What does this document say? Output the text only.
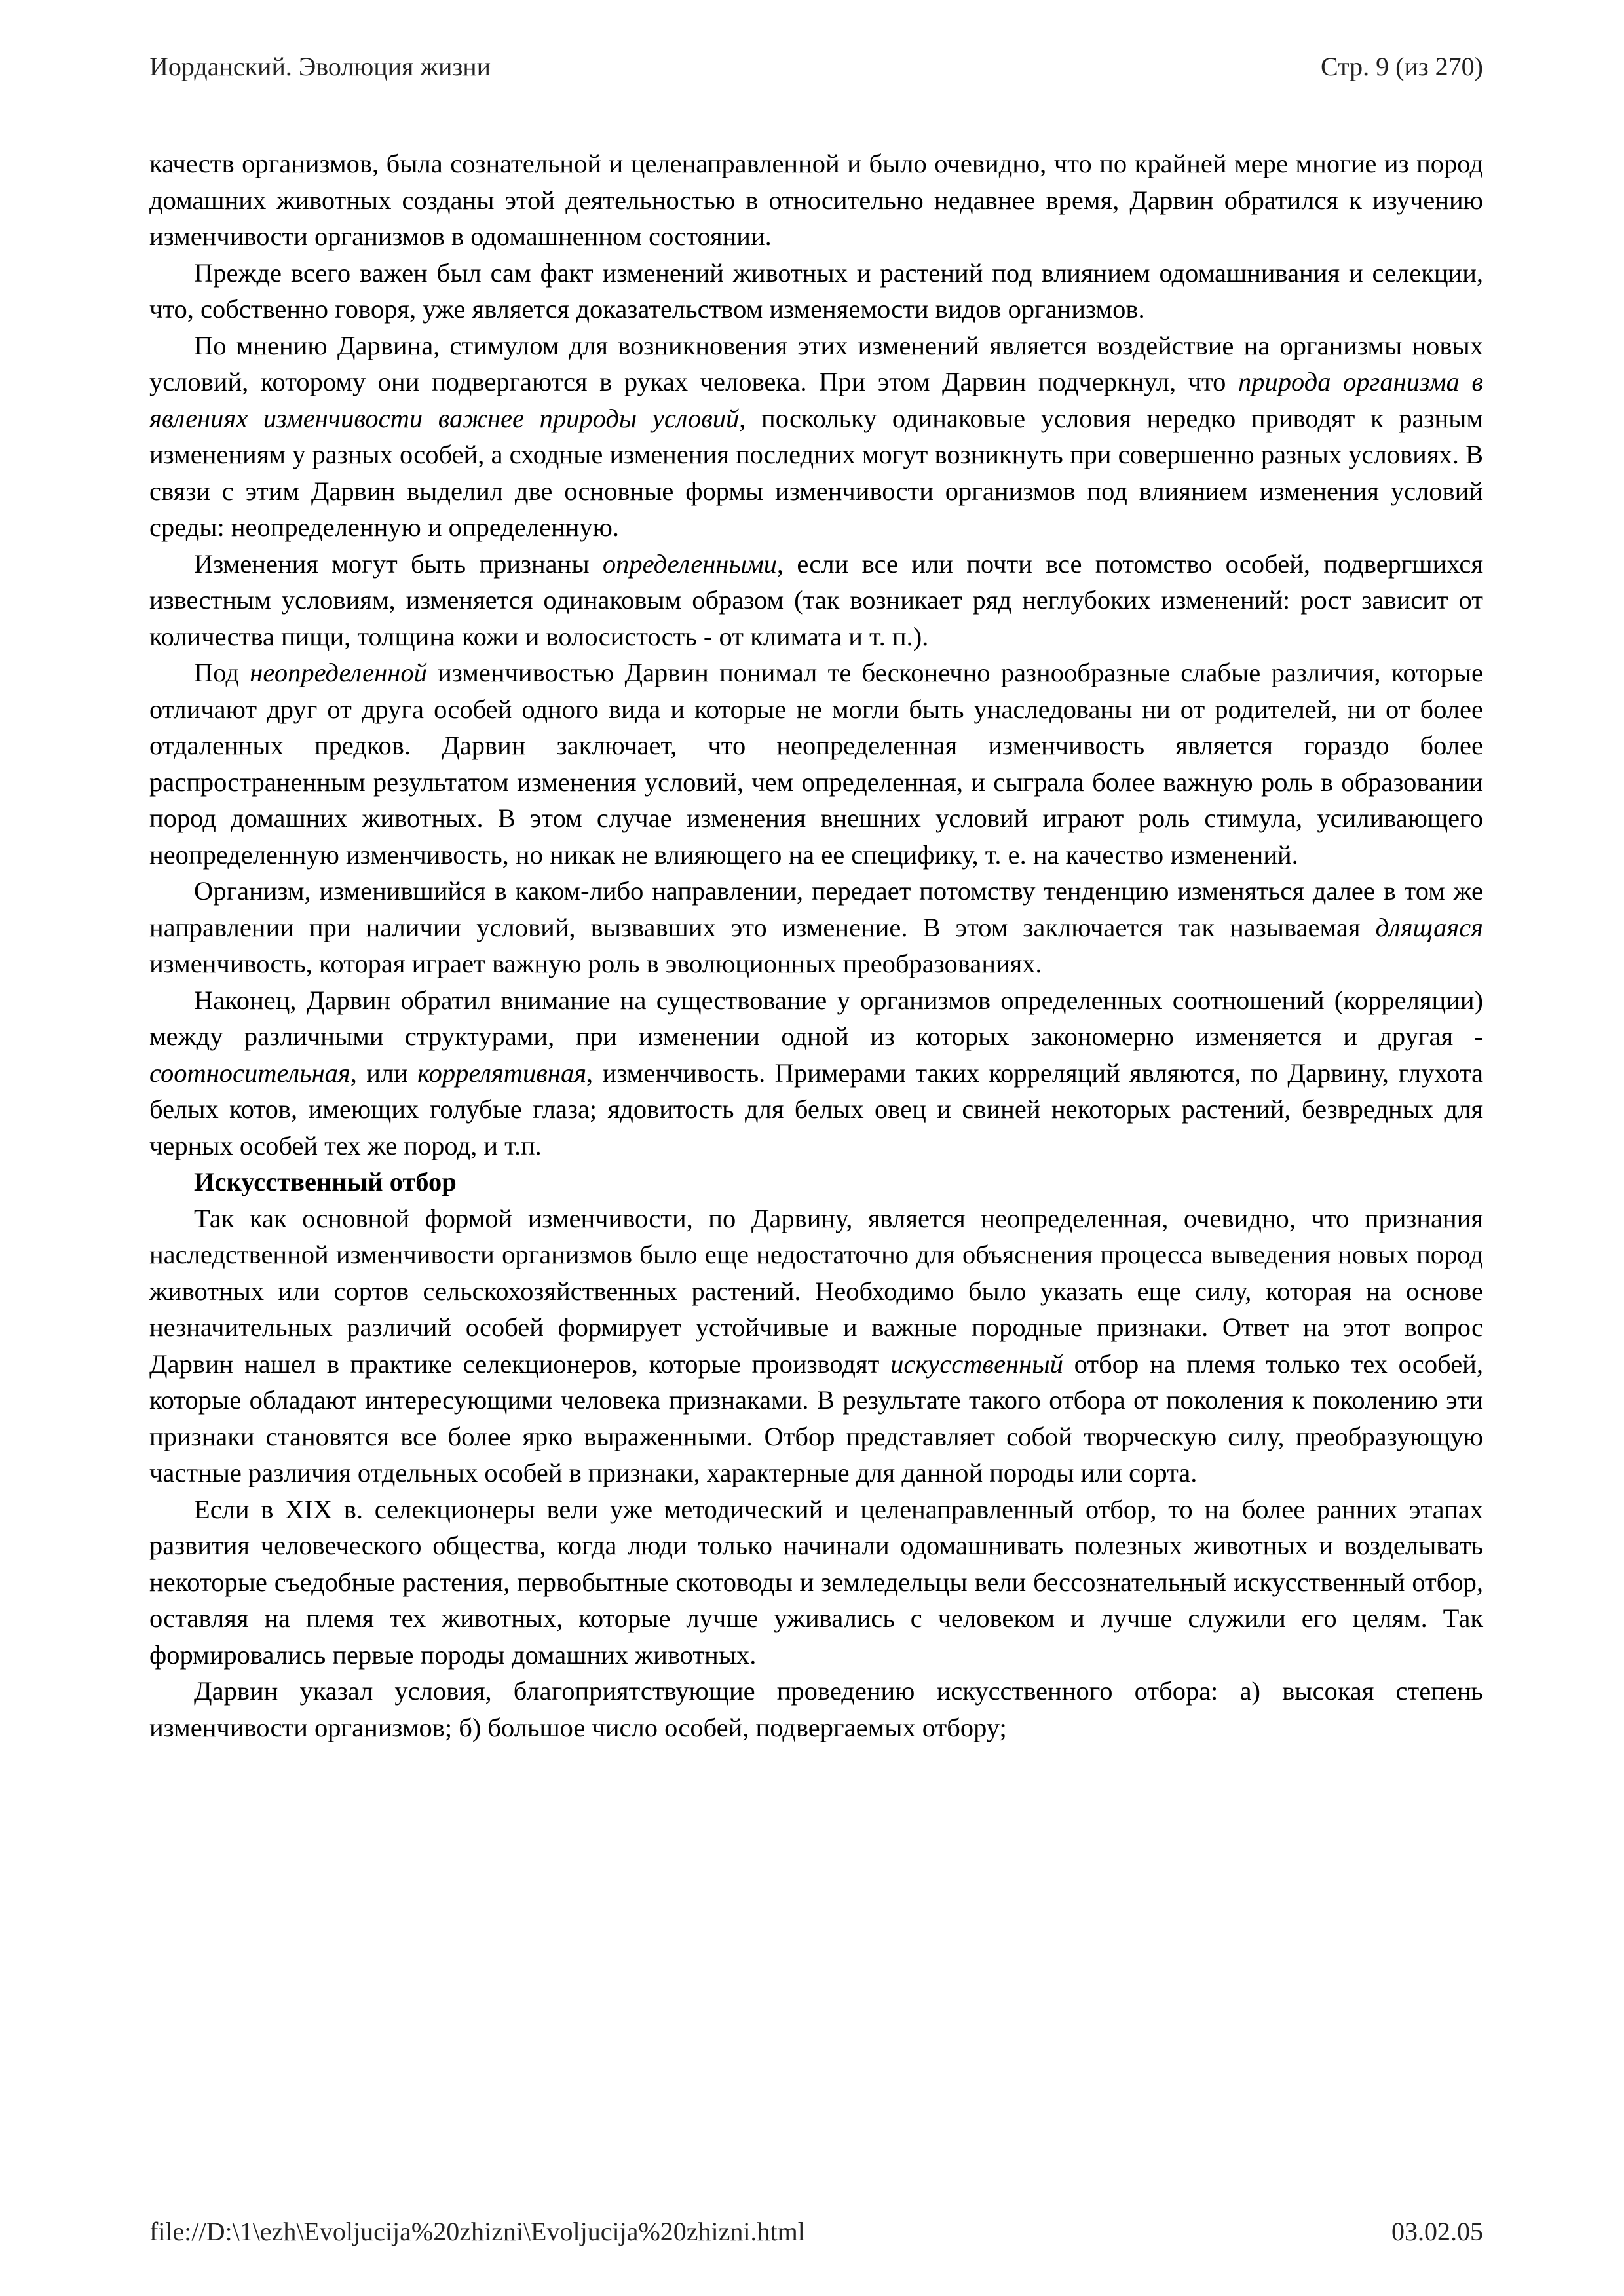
Иорданский. Эволюция жизни	Стр. 9 (из 270)

качеств организмов, была сознательной и целенаправленной и было очевидно, что по крайней мере многие из пород домашних животных созданы этой деятельностью в относительно недавнее время, Дарвин обратился к изучению изменчивости организмов в одомашненном состоянии.

Прежде всего важен был сам факт изменений животных и растений под влиянием одомашнивания и селекции, что, собственно говоря, уже является доказательством изменяемости видов организмов.

По мнению Дарвина, стимулом для возникновения этих изменений является воздействие на организмы новых условий, которому они подвергаются в руках человека. При этом Дарвин подчеркнул, что природа организма в явлениях изменчивости важнее природы условий, поскольку одинаковые условия нередко приводят к разным изменениям у разных особей, а сходные изменения последних могут возникнуть при совершенно разных условиях. В связи с этим Дарвин выделил две основные формы изменчивости организмов под влиянием изменения условий среды: неопределенную и определенную.

Изменения могут быть признаны определенными, если все или почти все потомство особей, подвергшихся известным условиям, изменяется одинаковым образом (так возникает ряд неглубоких изменений: рост зависит от количества пищи, толщина кожи и волосистость - от климата и т. п.).

Под неопределенной изменчивостью Дарвин понимал те бесконечно разнообразные слабые различия, которые отличают друг от друга особей одного вида и которые не могли быть унаследованы ни от родителей, ни от более отдаленных предков. Дарвин заключает, что неопределенная изменчивость является гораздо более распространенным результатом изменения условий, чем определенная, и сыграла более важную роль в образовании пород домашних животных. В этом случае изменения внешних условий играют роль стимула, усиливающего неопределенную изменчивость, но никак не влияющего на ее специфику, т. е. на качество изменений.

Организм, изменившийся в каком-либо направлении, передает потомству тенденцию изменяться далее в том же направлении при наличии условий, вызвавших это изменение. В этом заключается так называемая длящаяся изменчивость, которая играет важную роль в эволюционных преобразованиях.

Наконец, Дарвин обратил внимание на существование у организмов определенных соотношений (корреляции) между различными структурами, при изменении одной из которых закономерно изменяется и другая - соотносительная, или коррелятивная, изменчивость. Примерами таких корреляций являются, по Дарвину, глухота белых котов, имеющих голубые глаза; ядовитость для белых овец и свиней некоторых растений, безвредных для черных особей тех же пород, и т.п.

Искусственный отбор

Так как основной формой изменчивости, по Дарвину, является неопределенная, очевидно, что признания наследственной изменчивости организмов было еще недостаточно для объяснения процесса выведения новых пород животных или сортов сельскохозяйственных растений. Необходимо было указать еще силу, которая на основе незначительных различий особей формирует устойчивые и важные породные признаки. Ответ на этот вопрос Дарвин нашел в практике селекционеров, которые производят искусственный отбор на племя только тех особей, которые обладают интересующими человека признаками. В результате такого отбора от поколения к поколению эти признаки становятся все более ярко выраженными. Отбор представляет собой творческую силу, преобразующую частные различия отдельных особей в признаки, характерные для данной породы или сорта.

Если в XIX в. селекционеры вели уже методический и целенаправленный отбор, то на более ранних этапах развития человеческого общества, когда люди только начинали одомашнивать полезных животных и возделывать некоторые съедобные растения, первобытные скотоводы и земледельцы вели бессознательный искусственный отбор, оставляя на племя тех животных, которые лучше уживались с человеком и лучше служили его целям. Так формировались первые породы домашних животных.

Дарвин указал условия, благоприятствующие проведению искусственного отбора: а) высокая степень изменчивости организмов; б) большое число особей, подвергаемых отбору;

file://D:\1\ezh\Evoljucija%20zhizni\Evoljucija%20zhizni.html	03.02.05
